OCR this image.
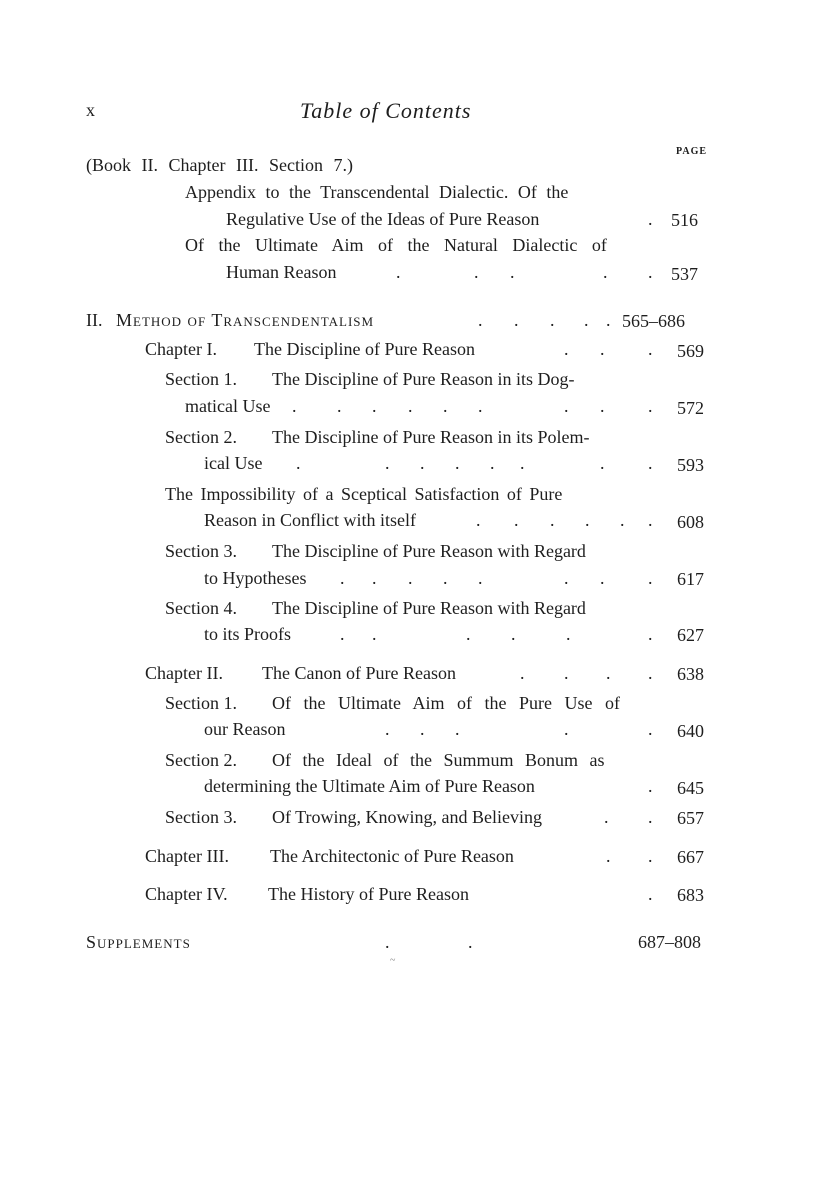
x	Table of Contents
PAGE
(Book II. Chapter III. Section 7.)
Appendix to the Transcendental Dialectic. Of the
Regulative Use of the Ideas of Pure Reason	. 516
Of the Ultimate Aim of the Natural Dialectic of
Human Reason	.	. .	. . 537
II. Method of Transcendentalism	. . . . . 565–686
Chapter I. The Discipline of Pure Reason	. . . 569
Section 1. The Discipline of Pure Reason in its Dog-
matical Use . . . . . .	. . . 572
Section 2. The Discipline of Pure Reason in its Polem-
ical Use .	. . . . .	. . 593
The Impossibility of a Sceptical Satisfaction of Pure
Reason in Conflict with itself	. . . . . . 608
Section 3. The Discipline of Pure Reason with Regard
to Hypotheses . . . . .	. . . 617
Section 4. The Discipline of Pure Reason with Regard
to its Proofs	. .	. .	.	. 627
Chapter II. The Canon of Pure Reason	. . . . 638
Section 1. Of the Ultimate Aim of the Pure Use of
our Reason	. . .	.	. 640
Section 2. Of the Ideal of the Summum Bonum as
determining the Ultimate Aim of Pure Reason	. 645
Section 3. Of Trowing, Knowing, and Believing	. . 657
Chapter III. The Architectonic of Pure Reason	. . 667
Chapter IV. The History of Pure Reason	. 683
Supplements	.	.	687–808
~
